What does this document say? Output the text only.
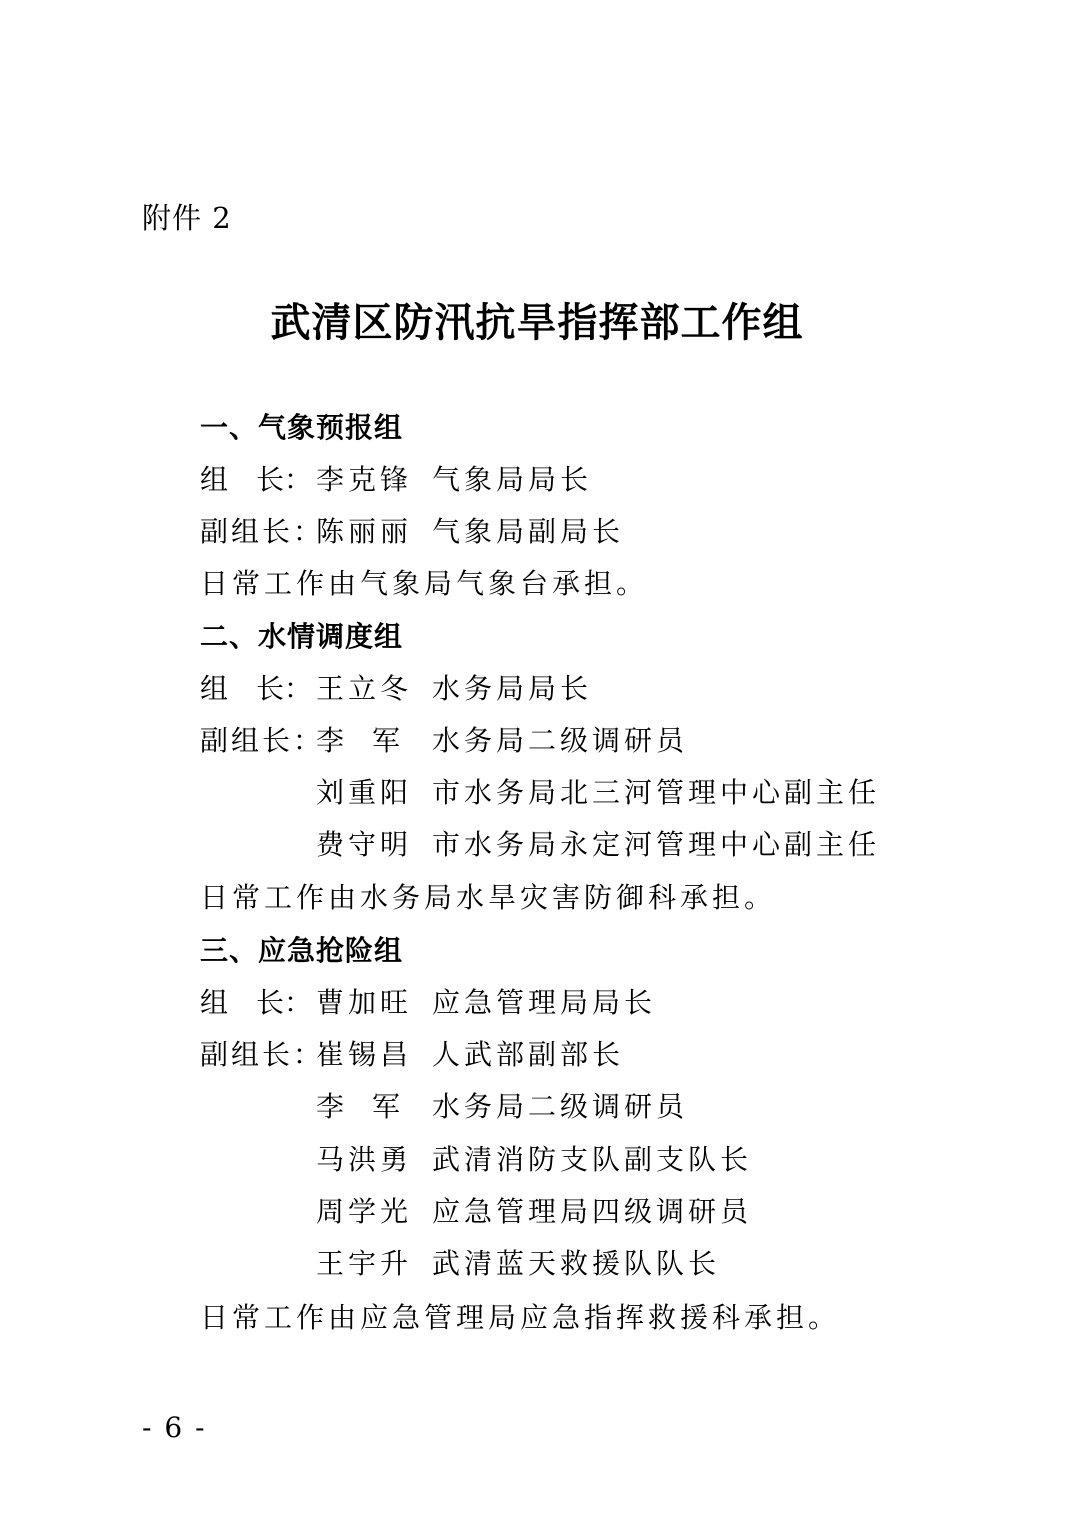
附件 2
武清区防汛抗旱指挥部工作组
一、气象预报组
组 长： 李克锋 气象局局长
副组长：陈丽丽 气象局副局长
日常工作由气象局气象台承担。
二、水情调度组
组 长： 王立冬 水务局局长
副组长：
李 军 水务局二级调研员
刘重阳 市水务局北三河管理中心副主任
费守明 市水务局永定河管理中心副主任
日常工作由水务局水旱灾害防御科承担。
三、应急抢险组
组 长： 曹加旺 应急管理局局长
副组长：崔锡昌 人武部副部长
李 军 水务局二级调研员
马洪勇 武清消防支队副支队长
周学光 应急管理局四级调研员
王宇升 武清蓝天救援队队长
日常工作由应急管理局应急指挥救援科承担。
- 6 -
